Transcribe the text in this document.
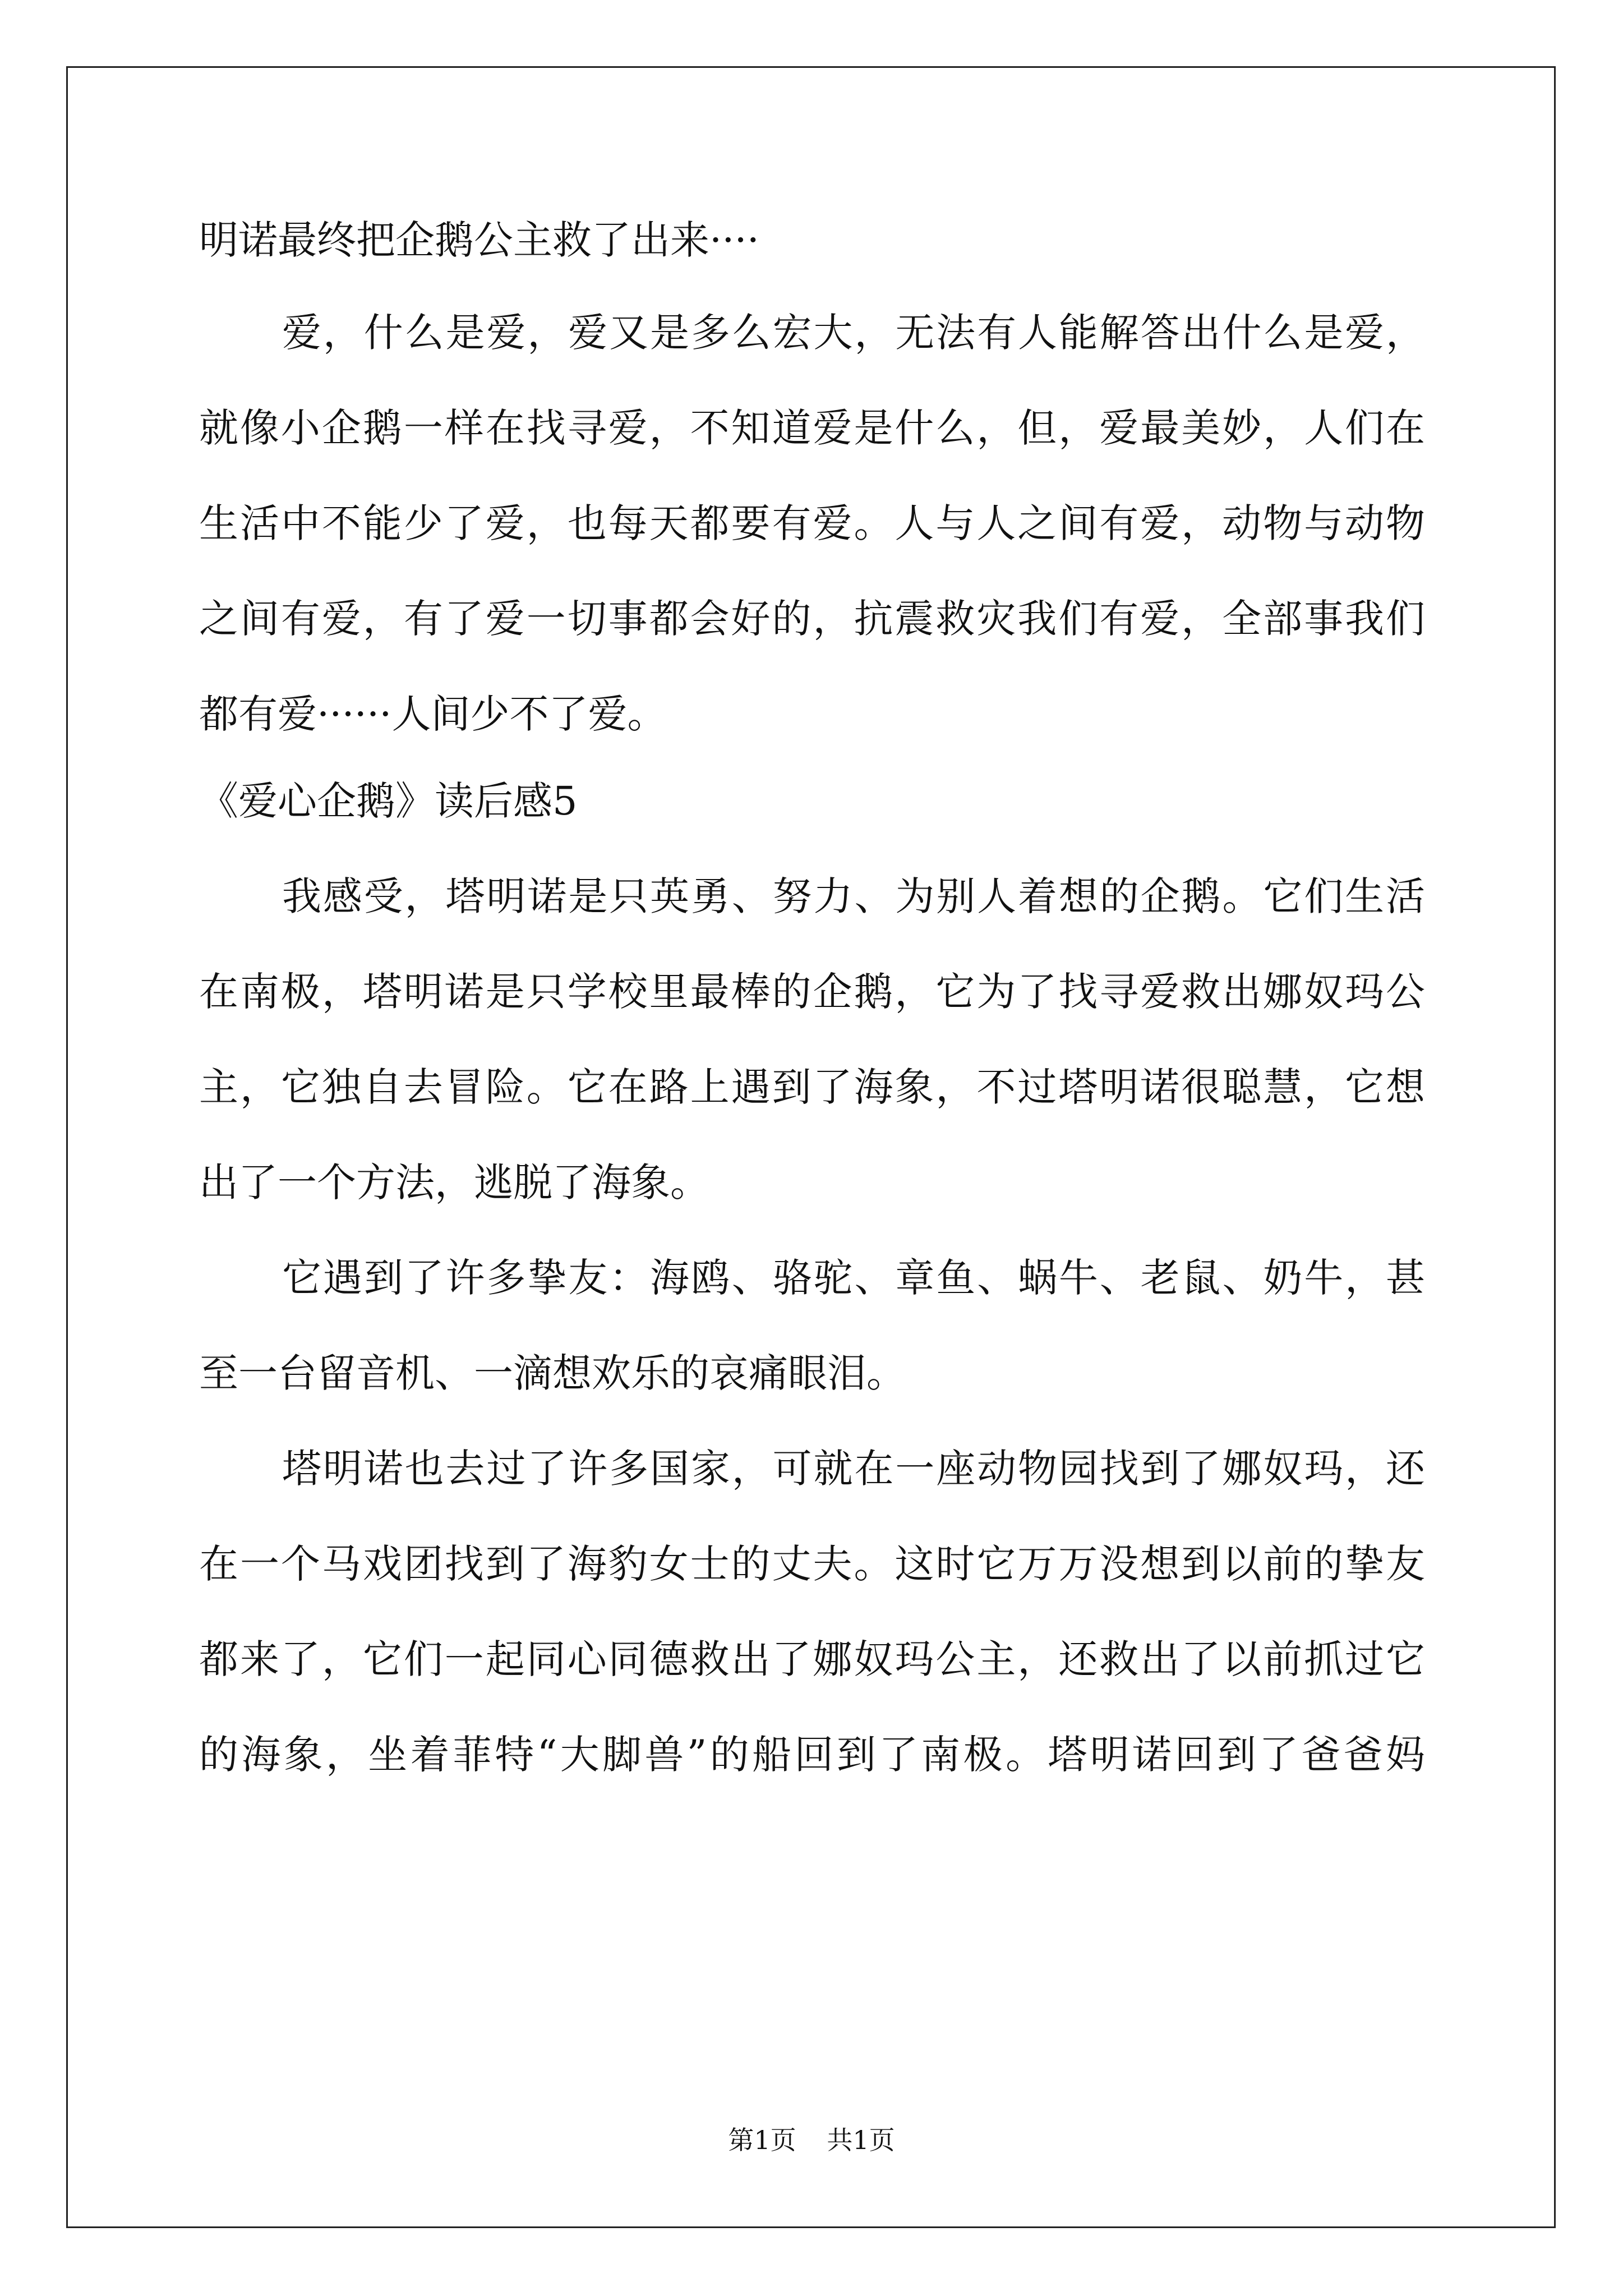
明诺最终把企鹅公主救了出来····

爱，什么是爱，爱又是多么宏大，无法有人能解答出什么是爱，

就像小企鹅一样在找寻爱，不知道爱是什么，但，爱最美妙，人们在

生活中不能少了爱，也每天都要有爱。人与人之间有爱，动物与动物

之间有爱，有了爱一切事都会好的，抗震救灾我们有爱，全部事我们

都有爱······人间少不了爱。

《爱心企鹅》读后感5

我感受，塔明诺是只英勇、努力、为别人着想的企鹅。它们生活

在南极，塔明诺是只学校里最棒的企鹅，它为了找寻爱救出娜奴玛公

主，它独自去冒险。它在路上遇到了海象，不过塔明诺很聪慧，它想

出了一个方法，逃脱了海象。

它遇到了许多挚友：海鸥、骆驼、章鱼、蜗牛、老鼠、奶牛，甚

至一台留音机、一滴想欢乐的哀痛眼泪。

塔明诺也去过了许多国家，可就在一座动物园找到了娜奴玛，还

在一个马戏团找到了海豹女士的丈夫。这时它万万没想到以前的挚友

都来了，它们一起同心同德救出了娜奴玛公主，还救出了以前抓过它

的海象，坐着菲特“大脚兽”的船回到了南极。塔明诺回到了爸爸妈

第1页 共1页
